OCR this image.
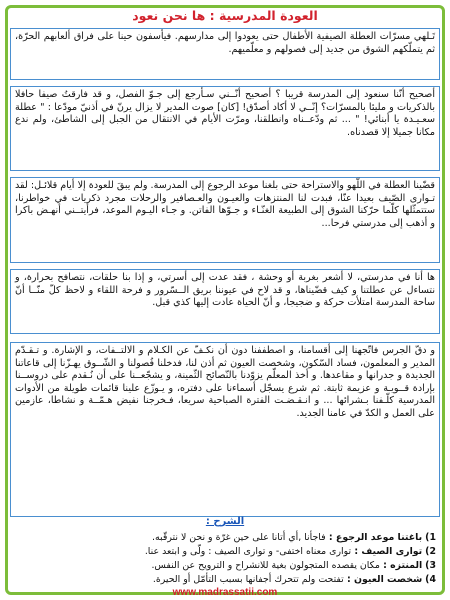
العودة المدرسية : ها نحن نعود
تَـلهي مسرّات العطلة الصيفية الأطفال حتى يعودوا إلى مدارسهم. فيأسفون حينا على فراق ألعابهم الحرّة، ثم يتملّكهم الشوق من جديد إلى فصولهم و معلّميهم.
أصحيح أنّنا سنعود إلى المدرسة قريبا ؟ أصحيح أنّــني سـأرجع إلى جـوّ الفصل، و قد فارقتُ صيفا حافلا بالذكريات و مليئا بالمسرّات؟ إنّــي لا أكاد أصدّق! [كان] صوت المدير لا يزال يرنّ في أذنيّ مودّعا : " عطلة سعـيـدة يا أبنائي! " ... ثم ودّعــناه وانطلقنا، ومرّت الأيام في الانتقال من الجبل إلى الشاطئ، ولم ندع مكانا جميلا إلا قصدناه.
قضّينا العطلة في اللّهو والاستراحة حتى بلغنا موعد الرجوع إلى المدرسة. ولم يبقَ للعودة إلا أيام قلائـل: لقد تـوارى الصّيف بعيدا عنّا، فبدت لنا المنتزهات والعيـون والعـصافير والرحلات مجرد ذكريات في خواطرنا، ستتمثّلها كلّما حرّكنا الشوق إلى الطبيعة الغنّـاء و جـوّها الفاتن. و جـاء اليـوم الموعد، فرأيتــني أنهـض باكرا و أذهب إلى مدرستي فرحا...
ها أنا في مدرستي، لا أشعر بغربة أو وحشة ، فقد عدت إلى أسرتي، و إذا بنا حلقات، نتصافح بحرارة، و نتساءل عن عطلتنا و كيف قضّيناها، و قد لاح في عيوننا بريق الــسّرور و فرحة اللقاء و لاحظ كلّ منّــا أنّ ساحة المدرسة امتلأت حركة و ضجيجا، و أنّ الحياة عادت إليها كذي قبل.
و دقّ الجرس فاتّجهنا إلى أقسامنا، و اصطففنا دون أن نكـفّ عن الكـلام و الالتــفات، و الإشارة. و تـقـدّم المدير و المعلمون، فساد السّكون، وشخصت العيون ثم أذن لنا، فدخلنا فُصولنا و الشّــوق يهـزّنا إلى قاعاتنا الجديدة و جدرانها و مقاعدها. و أخذ المعلّم يزوّدنا بالنّصائح الثّمينة، و يشجّعــنا على أن نُـقدم على دروســنا بإرادة قــويـة و عزيمة ثابتة. ثم شرع يسجّل أسماءنا على دفتره، و يـوزّع علينا قائمات طويلة من الأدوات المدرسية كلّـفنا بـشرائها ... و انـقـضـت الفترة الصباحية سريعا، فـخرجنا نفيض هـمّــة و نشاطا، عازمين على العمل و الكدّ في عامنا الجديد.
الشرح :
1) باغتنا موعد الرجوع : فاجأنا ,أي أتانا على حين غرّة و نحن لا نترقّبه.
2) توارى الصيف : توارى معناه اختفى- و توارى الصيف : ولّى و ابتعد عنا.
3) المنتزه : مكان يقصده المتجولون بغية للانشراح و الترويح عن النفس.
4) شخصت العيون : تفتحت ولم تتحرك أجفانها بسبب التأمّل أو الحيرة.
www.madrassatii.com
